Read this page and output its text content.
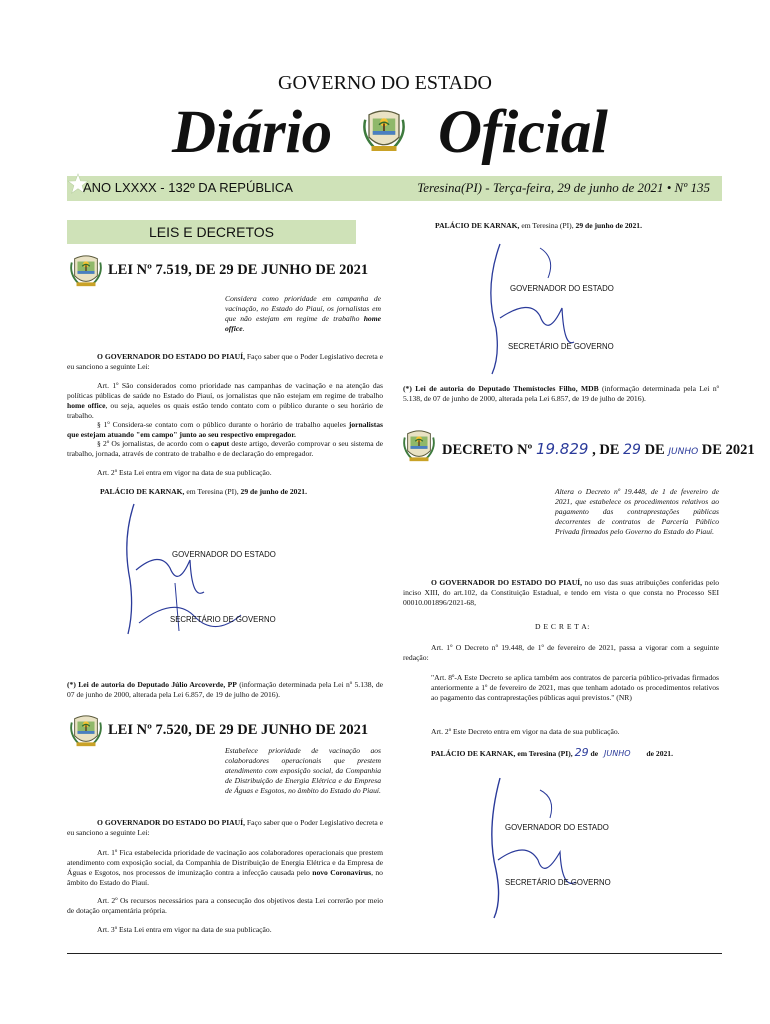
GOVERNO DO ESTADO
Diário Oficial
ANO LXXXX - 132º DA REPÚBLICA	Teresina(PI) - Terça-feira, 29 de junho de 2021 • Nº 135
LEIS E DECRETOS
LEI Nº 7.519, DE 29 DE JUNHO DE 2021
Considera como prioridade em campanha de vacinação, no Estado do Piauí, os jornalistas em que não estejam em regime de trabalho home office.
O GOVERNADOR DO ESTADO DO PIAUÍ, Faço saber que o Poder Legislativo decreta e eu sanciono a seguinte Lei:
Art. 1º São considerados como prioridade nas campanhas de vacinação e na atenção das políticas públicas de saúde no Estado do Piauí, os jornalistas que não estejam em regime de trabalho home office, ou seja, aqueles os quais estão tendo contato com o público durante o seu horário de trabalho.
§ 1º Considera-se contato com o público durante o horário de trabalho aqueles jornalistas que estejam atuando "em campo" junto ao seu respectivo empregador.
§ 2º Os jornalistas, de acordo com o caput deste artigo, deverão comprovar o seu sistema de trabalho, jornada, através de contrato de trabalho e de declaração do empregador.
Art. 2º Esta Lei entra em vigor na data de sua publicação.
PALÁCIO DE KARNAK, em Teresina (PI), 29 de junho de 2021.
GOVERNADOR DO ESTADO
SECRETÁRIO DE GOVERNO
(*) Lei de autoria do Deputado Júlio Arcoverde, PP (informação determinada pela Lei nº 5.138, de 07 de junho de 2000, alterada pela Lei 6.857, de 19 de julho de 2016).
LEI Nº 7.520, DE 29 DE JUNHO DE 2021
Estabelece prioridade de vacinação aos colaboradores operacionais que prestem atendimento com exposição social, da Companhia de Distribuição de Energia Elétrica e da Empresa de Águas e Esgotos, no âmbito do Estado do Piauí.
O GOVERNADOR DO ESTADO DO PIAUÍ, Faço saber que o Poder Legislativo decreta e eu sanciono a seguinte Lei:
Art. 1º Fica estabelecida prioridade de vacinação aos colaboradores operacionais que prestem atendimento com exposição social, da Companhia de Distribuição de Energia Elétrica e da Empresa de Águas e Esgotos, nos processos de imunização contra a infecção causada pelo novo Coronavírus, no âmbito do Estado do Piauí.
Art. 2º Os recursos necessários para a consecução dos objetivos desta Lei correrão por meio de dotação orçamentária própria.
Art. 3º Esta Lei entra em vigor na data de sua publicação.
PALÁCIO DE KARNAK, em Teresina (PI), 29 de junho de 2021.
GOVERNADOR DO ESTADO
SECRETÁRIO DE GOVERNO
(*) Lei de autoria do Deputado Themístocles Filho, MDB (informação determinada pela Lei nº 5.138, de 07 de junho de 2000, alterada pela Lei 6.857, de 19 de julho de 2016).
DECRETO Nº 19.829 , DE 29 DE JUNHO DE 2021
Altera o Decreto nº 19.448, de 1 de fevereiro de 2021, que estabelece os procedimentos relativos ao pagamento das contraprestações públicas decorrentes de contratos de Parcería Público Privada firmados pelo Governo do Estado do Piauí.
O GOVERNADOR DO ESTADO DO PIAUÍ, no uso das suas atribuições conferidas pelo inciso XIII, do art.102, da Constituição Estadual, e tendo em vista o que consta no Processo SEI 00010.001896/2021-68,
D E C R E T A:
Art. 1º O Decreto nº 19.448, de 1º de fevereiro de 2021, passa a vigorar com a seguinte redação:
"Art. 8º-A Este Decreto se aplica também aos contratos de parceria público-privadas firmados anteriormente a 1º de fevereiro de 2021, mas que tenham adotado os procedimentos relativos ao pagamento das contraprestações públicas aqui previstos." (NR)
Art. 2º Este Decreto entra em vigor na data de sua publicação.
PALÁCIO DE KARNAK, em Teresina (PI), 29 de JUNHO de 2021.
GOVERNADOR DO ESTADO
SECRETÁRIO DE GOVERNO
